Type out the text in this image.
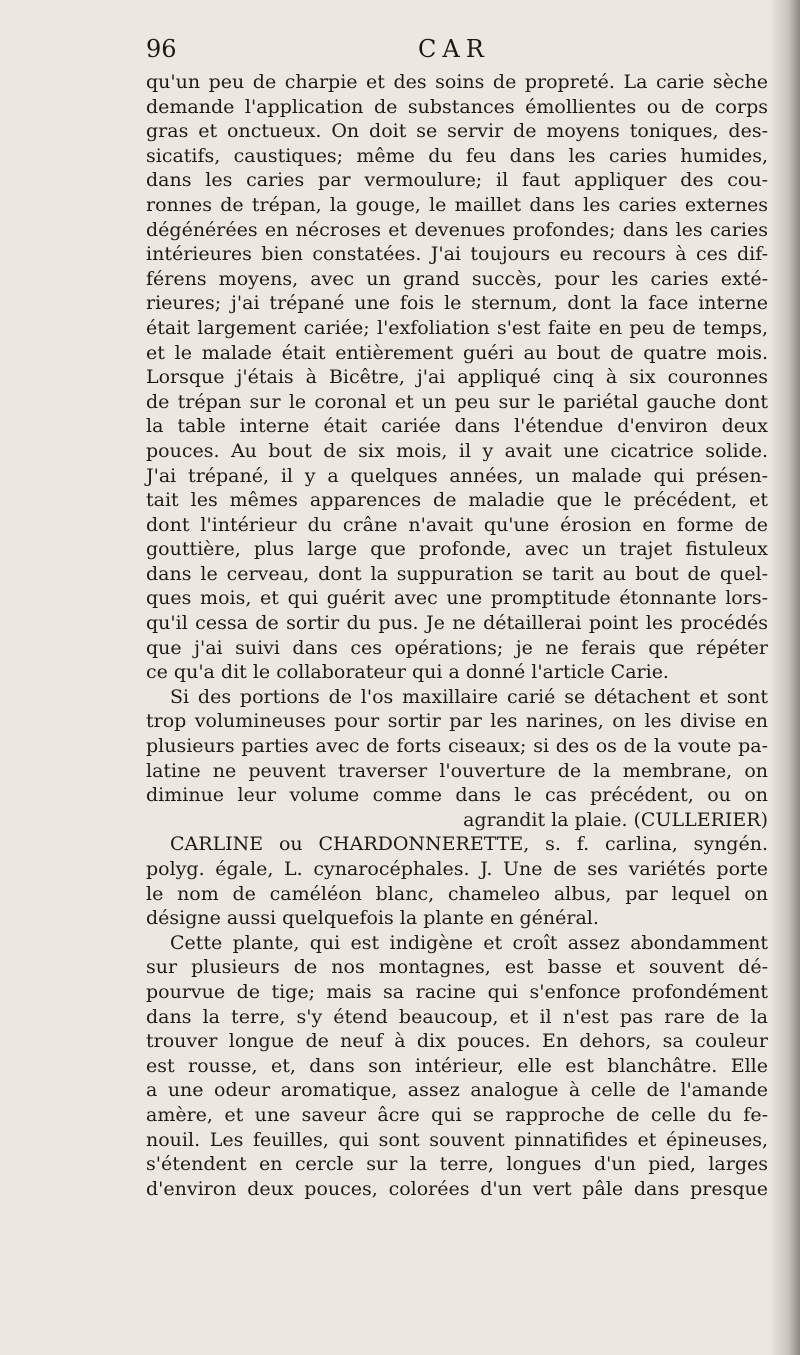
96	CAR
qu'un peu de charpie et des soins de propreté. La carie sèche
demande l'application de substances émollientes ou de corps
gras et onctueux. On doit se servir de moyens toniques, des-
sicatifs, caustiques; même du feu dans les caries humides,
dans les caries par vermoulure; il faut appliquer des cou-
ronnes de trépan, la gouge, le maillet dans les caries externes
dégénérées en nécroses et devenues profondes; dans les caries
intérieures bien constatées. J'ai toujours eu recours à ces dif-
férens moyens, avec un grand succès, pour les caries exté-
rieures; j'ai trépané une fois le sternum, dont la face interne
était largement cariée; l'exfoliation s'est faite en peu de temps,
et le malade était entièrement guéri au bout de quatre mois.
Lorsque j'étais à Bicêtre, j'ai appliqué cinq à six couronnes
de trépan sur le coronal et un peu sur le pariétal gauche dont
la table interne était cariée dans l'étendue d'environ deux
pouces. Au bout de six mois, il y avait une cicatrice solide.
J'ai trépané, il y a quelques années, un malade qui présen-
tait les mêmes apparences de maladie que le précédent, et
dont l'intérieur du crâne n'avait qu'une érosion en forme de
gouttière, plus large que profonde, avec un trajet fistuleux
dans le cerveau, dont la suppuration se tarit au bout de quel-
ques mois, et qui guérit avec une promptitude étonnante lors-
qu'il cessa de sortir du pus. Je ne détaillerai point les procédés
que j'ai suivi dans ces opérations; je ne ferais que répéter
ce qu'a dit le collaborateur qui a donné l'article Carie.
Si des portions de l'os maxillaire carié se détachent et sont
trop volumineuses pour sortir par les narines, on les divise en
plusieurs parties avec de forts ciseaux; si des os de la voute pa-
latine ne peuvent traverser l'ouverture de la membrane, on
diminue leur volume comme dans le cas précédent, ou on
agrandit la plaie. (CULLERIER)
CARLINE ou CHARDONNERETTE, s. f. carlina, syngén.
polyg. égale, L. cynarocéphales. J. Une de ses variétés porte
le nom de caméléon blanc, chameleo albus, par lequel on
désigne aussi quelquefois la plante en général.
Cette plante, qui est indigène et croît assez abondamment
sur plusieurs de nos montagnes, est basse et souvent dé-
pourvue de tige; mais sa racine qui s'enfonce profondément
dans la terre, s'y étend beaucoup, et il n'est pas rare de la
trouver longue de neuf à dix pouces. En dehors, sa couleur
est rousse, et, dans son intérieur, elle est blanchâtre. Elle
a une odeur aromatique, assez analogue à celle de l'amande
amère, et une saveur âcre qui se rapproche de celle du fe-
nouil. Les feuilles, qui sont souvent pinnatifides et épineuses,
s'étendent en cercle sur la terre, longues d'un pied, larges
d'environ deux pouces, colorées d'un vert pâle dans presque
